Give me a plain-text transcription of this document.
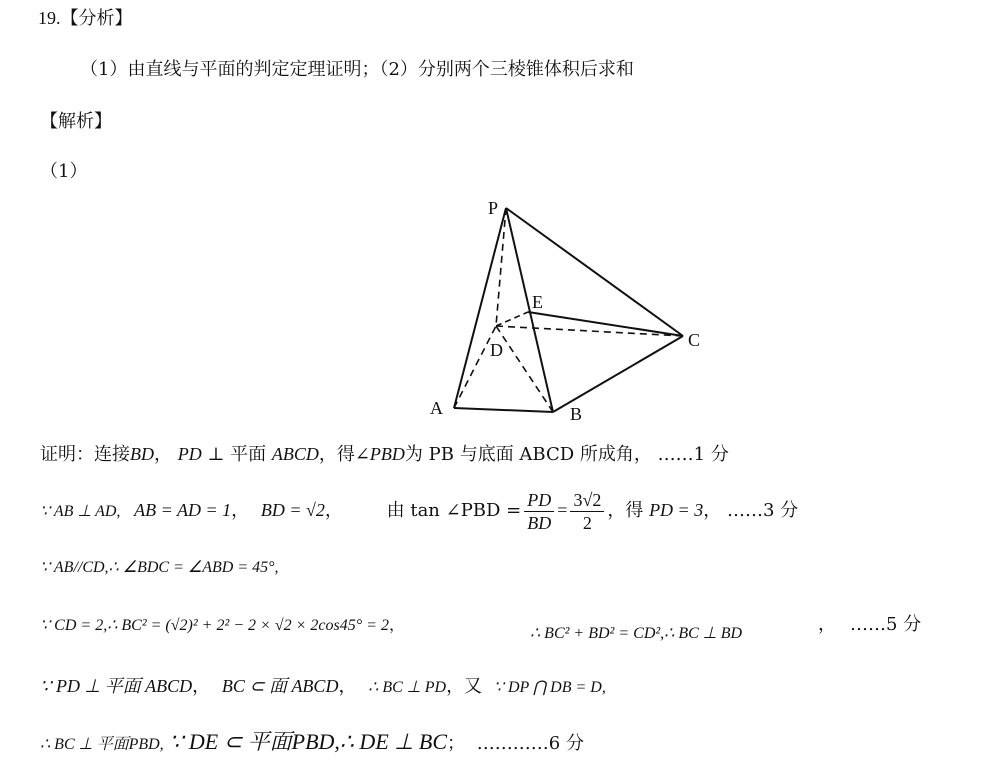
19.【分析】
（1）由直线与平面的判定定理证明；（2）分别两个三棱锥体积后求和
【解析】
（1）
P
E
D	C
A	B
证明：连接BD， PD ⊥ 平面 ABCD，得∠PBD为 PB 与底面 ABCD 所成角， ……1 分
∵ AB ⊥ AD, AB = AD = 1， BD = √2， 由 tan ∠PBD = $\frac{PD}{BD} = \frac{3√2}{2}$ ，得 PD = 3， ……3 分
∵ AB//CD,∴ ∠BDC = ∠ABD = 45°,
∵ CD = 2,∴ BC² = (√2)² + 2² − 2 × √2 × 2cos45° = 2，	∴ BC² + BD² = CD²,∴ BC ⊥ BD	， ……5 分
∵ PD ⊥ 平面 ABCD， BC ⊂ 面 ABCD， ∴ BC ⊥ PD，又 ∵ DP ⋂ DB = D,
∴ BC ⊥ 平面PBD, ∵ DE ⊂ 平面PBD,∴ DE ⊥ BC； …………6 分
